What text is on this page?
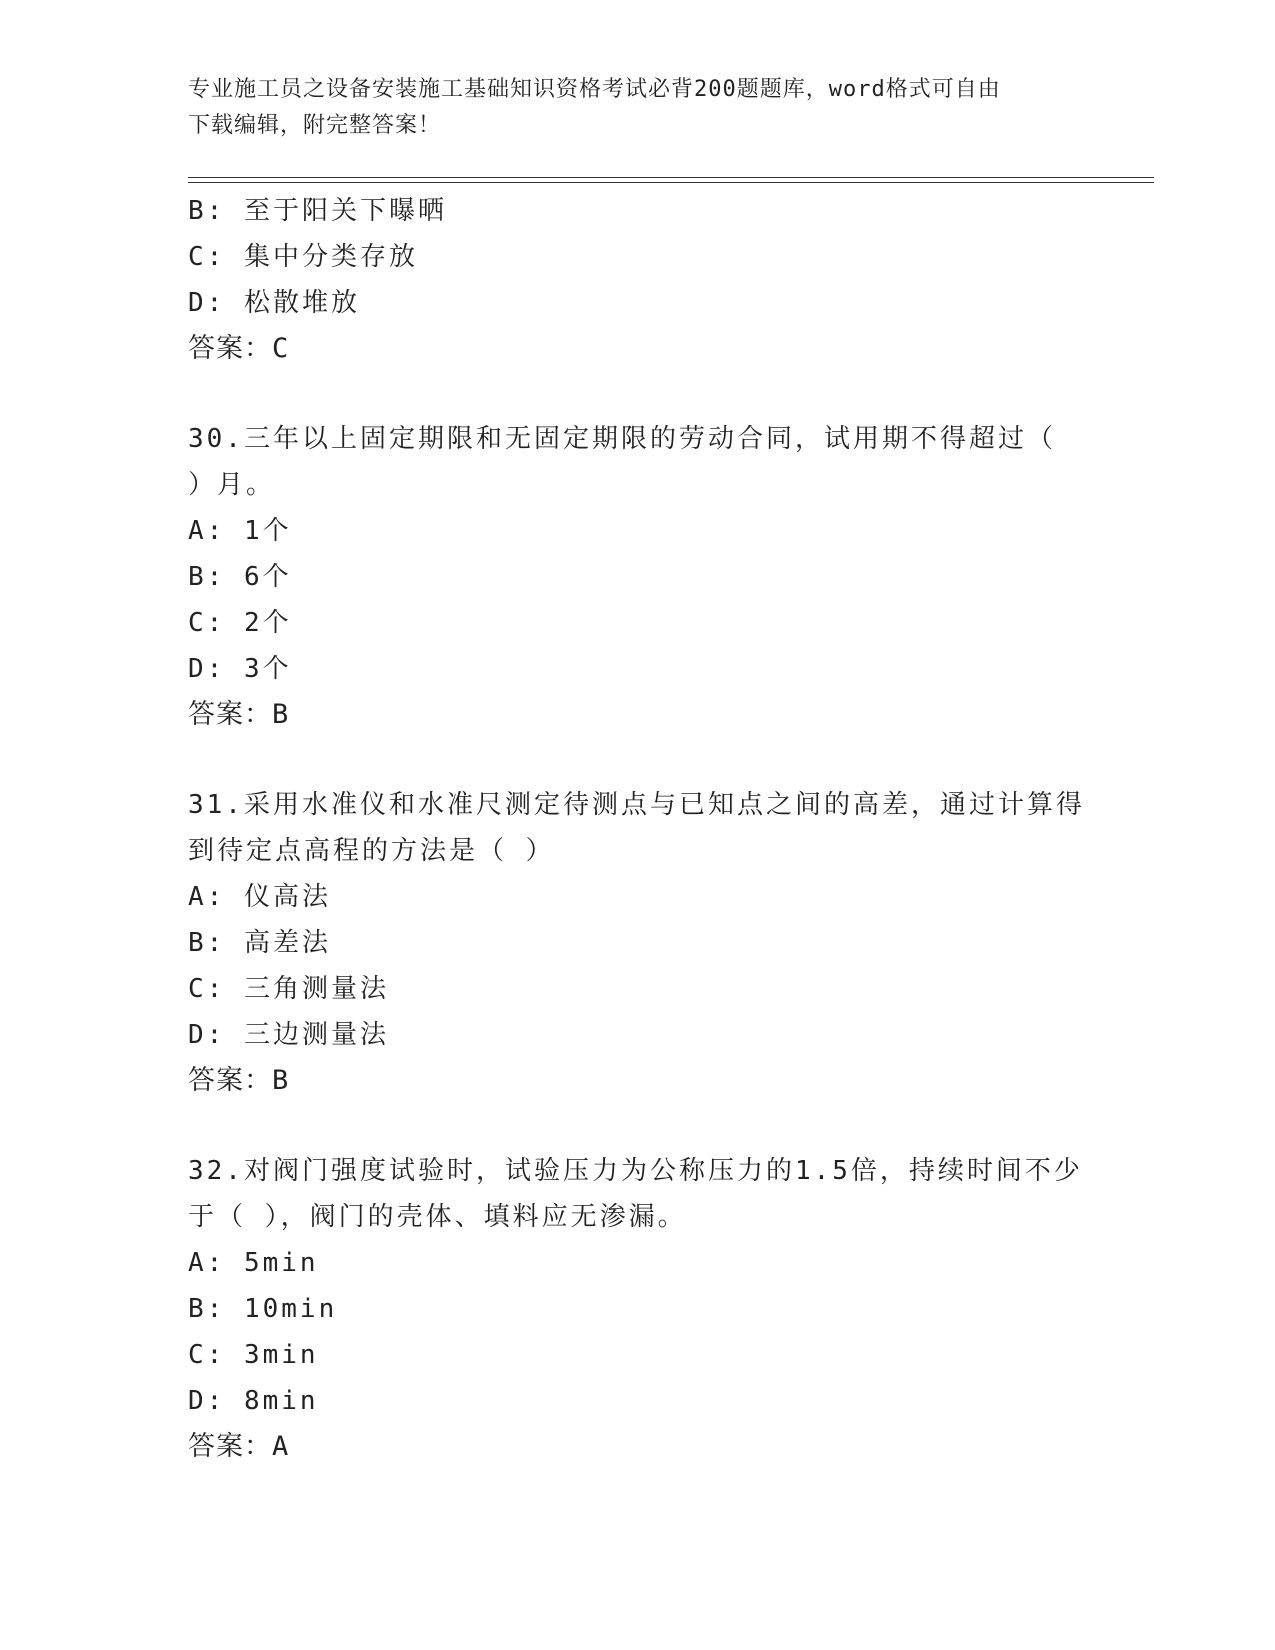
专业施工员之设备安装施工基础知识资格考试必背200题题库，word格式可自由
下载编辑，附完整答案！
B: 至于阳关下曝晒
C: 集中分类存放
D: 松散堆放
答案：C
30.三年以上固定期限和无固定期限的劳动合同，试用期不得超过（
）月。
A: 1个
B: 6个
C: 2个
D: 3个
答案：B
31.采用水准仪和水准尺测定待测点与已知点之间的高差，通过计算得
到待定点高程的方法是（ ）
A: 仪高法
B: 高差法
C: 三角测量法
D: 三边测量法
答案：B
32.对阀门强度试验时，试验压力为公称压力的1.5倍，持续时间不少
于（ ），阀门的壳体、填料应无渗漏。
A: 5min
B: 10min
C: 3min
D: 8min
答案：A
